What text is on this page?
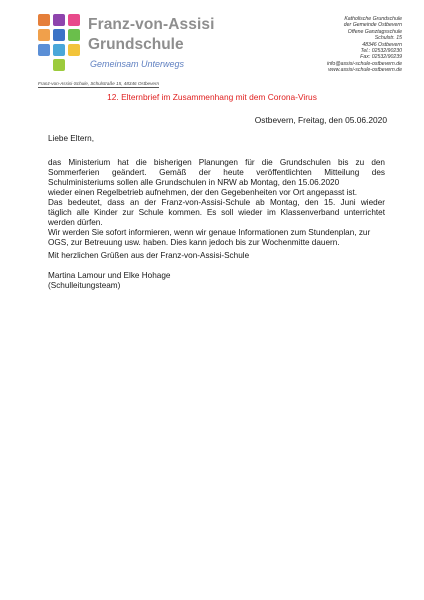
Franz-von-Assisi
Grundschule
Gemeinsam Unterwegs
Katholische Grundschule
der Gemeinde Ostbevern
Offene Ganztagsschule
Schulstr. 15
48346 Ostbevern
Tel.: 02532/90230
Fax: 02532/90239
info@assisi-schule-ostbevern.de
www.assisi-schule-ostbevern.de
Franz-von-Assisi-Schule, Schulstraße 15, 48346 Ostbevern
12. Elternbrief im Zusammenhang mit dem Corona-Virus
Ostbevern, Freitag, den 05.06.2020
Liebe Eltern,
das Ministerium hat die bisherigen Planungen für die Grundschulen bis zu den
Sommerferien geändert. Gemäß der heute veröffentlichten Mitteilung des
Schulministeriums sollen alle Grundschulen in NRW ab Montag, den 15.06.2020
wieder einen Regelbetrieb aufnehmen, der den Gegebenheiten vor Ort angepasst ist.
Das bedeutet, dass an der Franz-von-Assisi-Schule ab Montag, den 15. Juni wieder
täglich alle Kinder zur Schule kommen. Es soll wieder im Klassenverband unterrichtet
werden dürfen.
Wir werden Sie sofort informieren, wenn wir genaue Informationen zum Stundenplan, zur
OGS, zur Betreuung usw. haben. Dies kann jedoch bis zur Wochenmitte dauern.
Mit herzlichen Grüßen aus der Franz-von-Assisi-Schule
Martina Lamour und Elke Hohage
(Schulleitungsteam)
